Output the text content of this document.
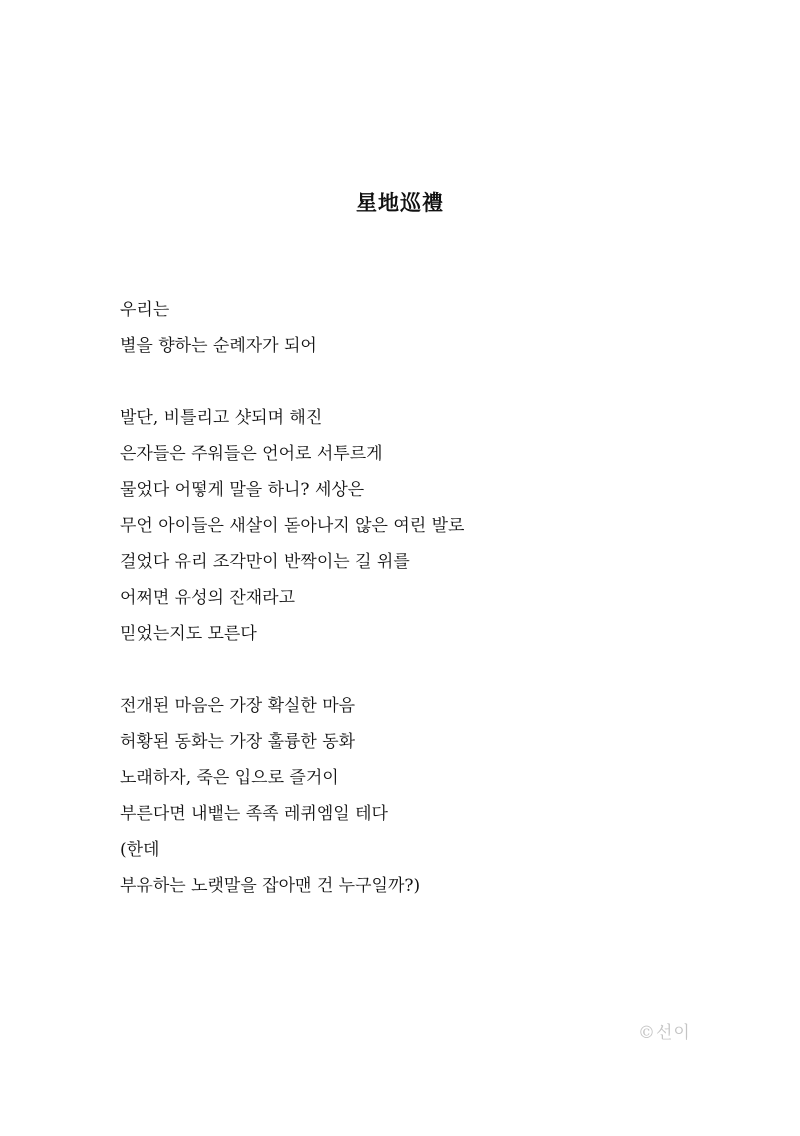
星地巡禮
우리는
별을 향하는 순례자가 되어
발단, 비틀리고 샷되며 해진
은자들은 주워들은 언어로 서투르게
물었다 어떻게 말을 하니? 세상은
무언 아이들은 새살이 돋아나지 않은 여린 발로
걸었다 유리 조각만이 반짝이는 길 위를
어쩌면 유성의 잔재라고
믿었는지도 모른다
전개된 마음은 가장 확실한 마음
허황된 동화는 가장 훌륭한 동화
노래하자, 죽은 입으로 즐거이
부른다면 내뱉는 족족 레퀴엠일 테다
(한데
부유하는 노랫말을 잡아맨 건 누구일까?)
©선이
